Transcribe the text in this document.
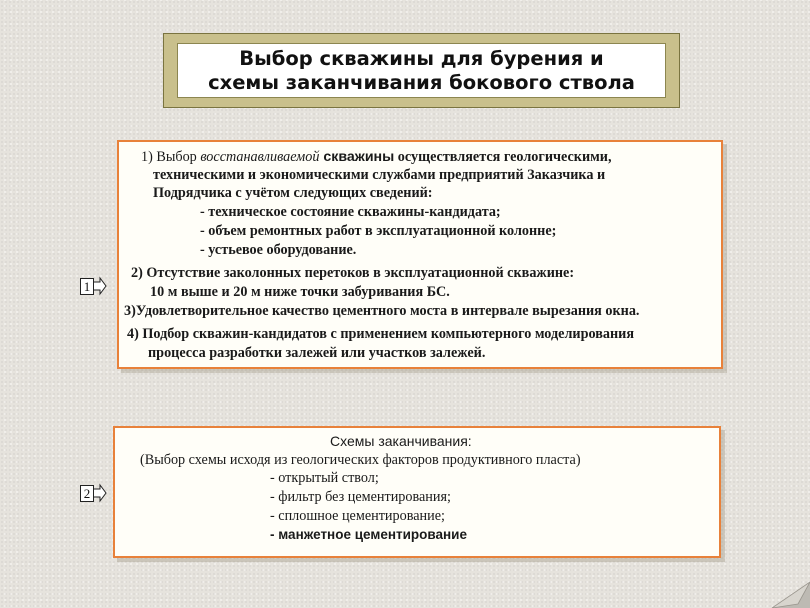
Выбор скважины для бурения и
схемы заканчивания бокового ствола
1
1) Выбор восстанавливаемой скважины осуществляется геологическими,
техническими и экономическими службами предприятий Заказчика и
Подрядчика с учётом следующих сведений:
- техническое состояние скважины-кандидата;
- объем ремонтных работ в эксплуатационной колонне;
- устьевое оборудование.
2) Отсутствие заколонных перетоков в эксплуатационной скважине:
10 м выше и 20 м ниже точки забуривания БС.
3)Удовлетворительное качество цементного моста в интервале вырезания окна.
4) Подбор скважин-кандидатов с применением компьютерного моделирования
процесса разработки залежей или участков залежей.
2
Схемы заканчивания:
(Выбор схемы исходя из геологических факторов продуктивного пласта)
- открытый ствол;
- фильтр без цементирования;
- сплошное цементирование;
- манжетное цементирование
